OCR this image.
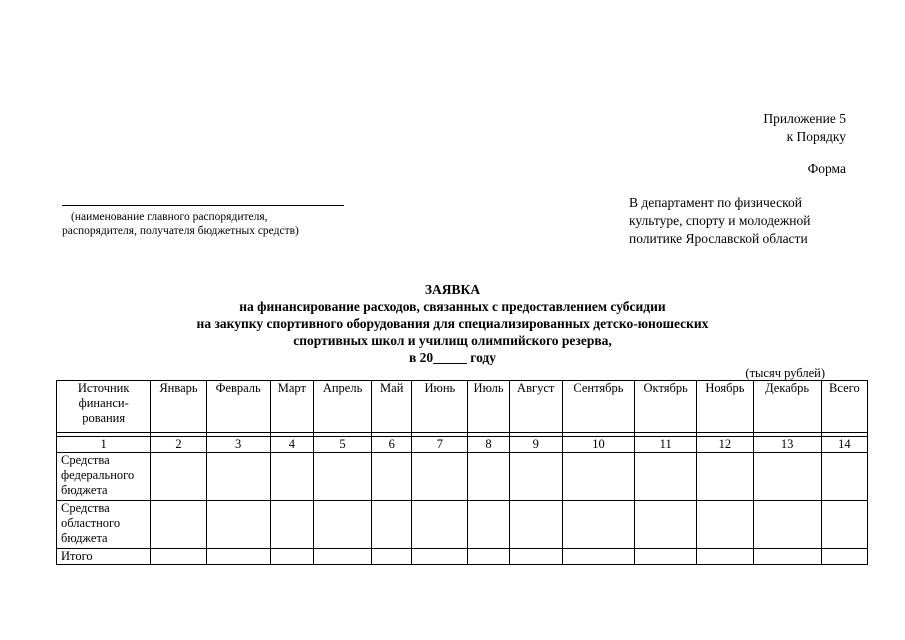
Приложение 5
к Порядку
Форма
(наименование главного распорядителя,
распорядителя, получателя бюджетных средств)
В департамент по физической
культуре, спорту и молодежной
политике Ярославской области
ЗАЯВКА
на финансирование расходов, связанных с предоставлением субсидии
на закупку спортивного оборудования для специализированных детско-юношеских
спортивных школ и училищ олимпийского резерва,
в 20_____ году
(тысяч рублей)
Источник
финанси-
рования	Январь	Февраль	Март	Апрель	Май	Июнь	Июль	Август	Сентябрь	Октябрь	Ноябрь	Декабрь	Всего

1	2	3	4	5	6	7	8	9	10	11	12	13	14

Средства
федерального
бюджета													

Средства
областного
бюджета													

Итого													
